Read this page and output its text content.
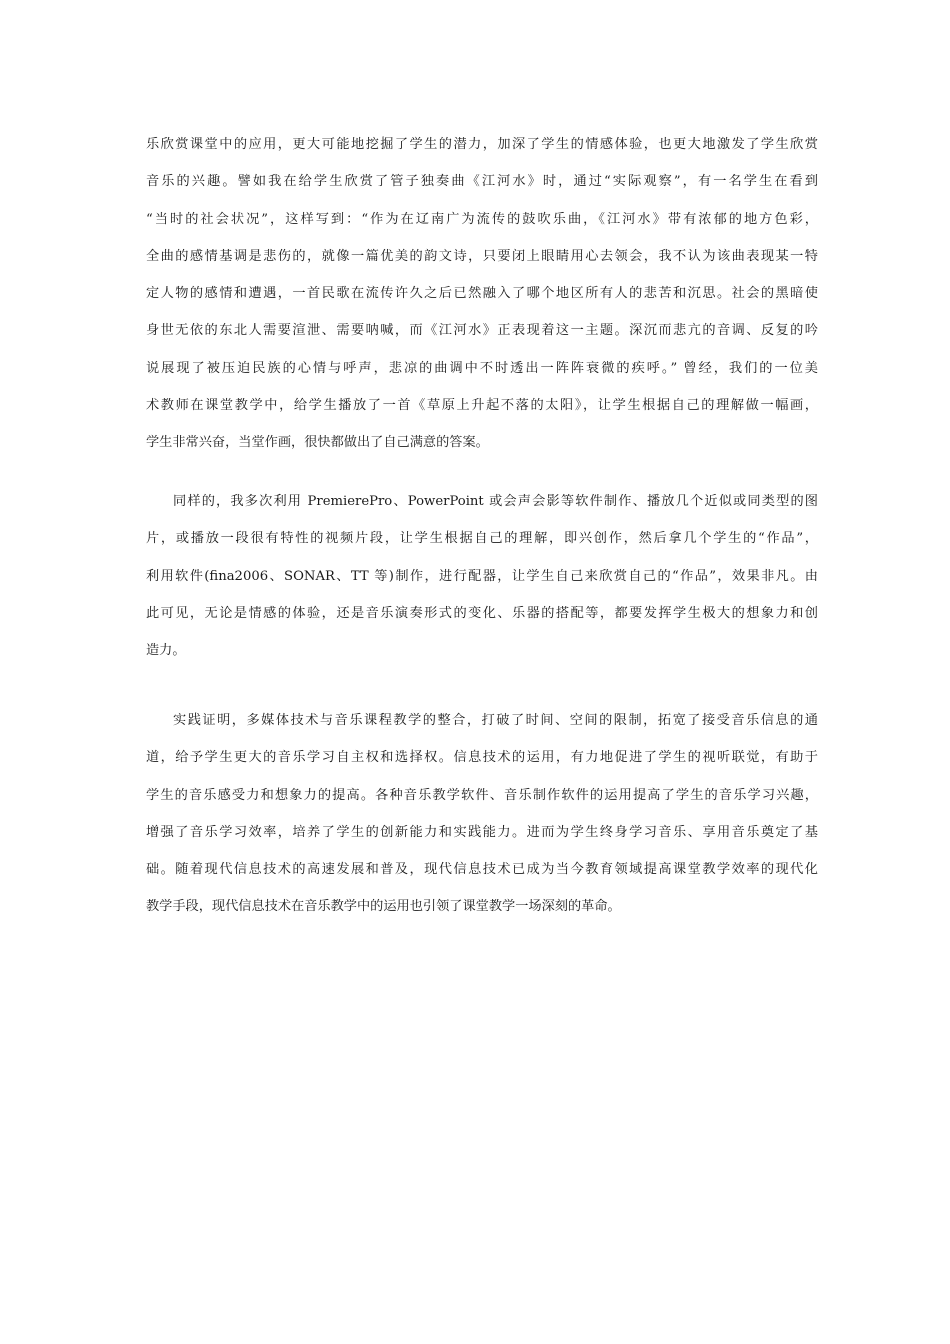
乐欣赏课堂中的应用，更大可能地挖掘了学生的潜力，加深了学生的情感体验，也更大地激发了学生欣赏
音乐的兴趣。譬如我在给学生欣赏了管子独奏曲《江河水》时，通过“实际观察”，有一名学生在看到
“当时的社会状况”，这样写到：“作为在辽南广为流传的鼓吹乐曲，《江河水》带有浓郁的地方色彩，
全曲的感情基调是悲伤的，就像一篇优美的韵文诗，只要闭上眼睛用心去领会，我不认为该曲表现某一特
定人物的感情和遭遇，一首民歌在流传许久之后已然融入了哪个地区所有人的悲苦和沉思。社会的黑暗使
身世无依的东北人需要渲泄、需要呐喊，而《江河水》正表现着这一主题。深沉而悲亢的音调、反复的吟
说展现了被压迫民族的心情与呼声，悲凉的曲调中不时透出一阵阵衰微的疾呼。” 曾经，我们的一位美
术教师在课堂教学中，给学生播放了一首《草原上升起不落的太阳》，让学生根据自己的理解做一幅画，
学生非常兴奋，当堂作画，很快都做出了自己满意的答案。
同样的，我多次利用 PremierePro、PowerPoint 或会声会影等软件制作、播放几个近似或同类型的图
片，或播放一段很有特性的视频片段，让学生根据自己的理解，即兴创作，然后拿几个学生的“作品”，
利用软件(fina2006、SONAR、TT 等)制作，进行配器，让学生自己来欣赏自己的“作品”，效果非凡。由
此可见，无论是情感的体验，还是音乐演奏形式的变化、乐器的搭配等，都要发挥学生极大的想象力和创
造力。
实践证明，多媒体技术与音乐课程教学的整合，打破了时间、空间的限制，拓宽了接受音乐信息的通
道，给予学生更大的音乐学习自主权和选择权。信息技术的运用，有力地促进了学生的视听联觉，有助于
学生的音乐感受力和想象力的提高。各种音乐教学软件、音乐制作软件的运用提高了学生的音乐学习兴趣，
增强了音乐学习效率，培养了学生的创新能力和实践能力。进而为学生终身学习音乐、享用音乐奠定了基
础。随着现代信息技术的高速发展和普及，现代信息技术已成为当今教育领域提高课堂教学效率的现代化
教学手段，现代信息技术在音乐教学中的运用也引领了课堂教学一场深刻的革命。
